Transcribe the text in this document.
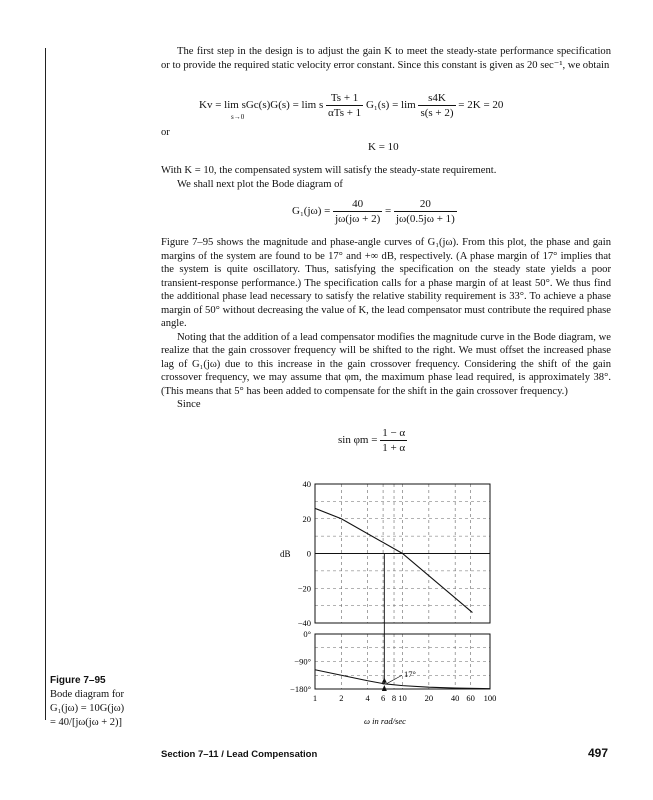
The first step in the design is to adjust the gain K to meet the steady-state performance specification or to provide the required static velocity error constant. Since this constant is given as 20 sec⁻¹, we obtain

Kv = lim sGc(s)G(s) = lim s $\frac{Ts + 1}{\text{αTs + 1}} G_1(s) = \lim \frac{s4K}{s(s + 2)} = 2K = 20$
s→0

or

K = 10

With K = 10, the compensated system will satisfy the steady-state requirement.

We shall next plot the Bode diagram of

$G_1(j\omega) = \frac{40}{j\omega(j\omega + 2)} = \frac{20}{j\omega(0.5j\omega + 1)}$

Figure 7–95 shows the magnitude and phase-angle curves of G₁(jω). From this plot, the phase and gain margins of the system are found to be 17° and +∞ dB, respectively. (A phase margin of 17° implies that the system is quite oscillatory. Thus, satisfying the specification on the steady state yields a poor transient-response performance.) The specification calls for a phase margin of at least 50°. We thus find the additional phase lead necessary to satisfy the relative stability requirement is 33°. To achieve a phase margin of 50° without decreasing the value of K, the lead compensator must contribute the required phase angle.

Noting that the addition of a lead compensator modifies the magnitude curve in the Bode diagram, we realize that the gain crossover frequency will be shifted to the right. We must offset the increased phase lag of G₁(jω) due to this increase in the gain crossover frequency. Considering the shift of the gain crossover frequency, we may assume that φm, the maximum phase lead required, is approximately 38°. (This means that 5° has been added to compensate for the shift in the gain crossover frequency.)

Since

$\sin \varphi m = \frac{1 - \alpha}{1 + \alpha}$
40
20
0
−20
−40
0°
−90°
−180°
1	2	4 6 8 10 20 40 60 100
dB
ω in rad/sec
17°
Figure 7–95
Bode diagram for
G₁(jω) = 10G(jω)
= 40/[jω(jω + 2)]
Section 7–11 / Lead Compensation	497
